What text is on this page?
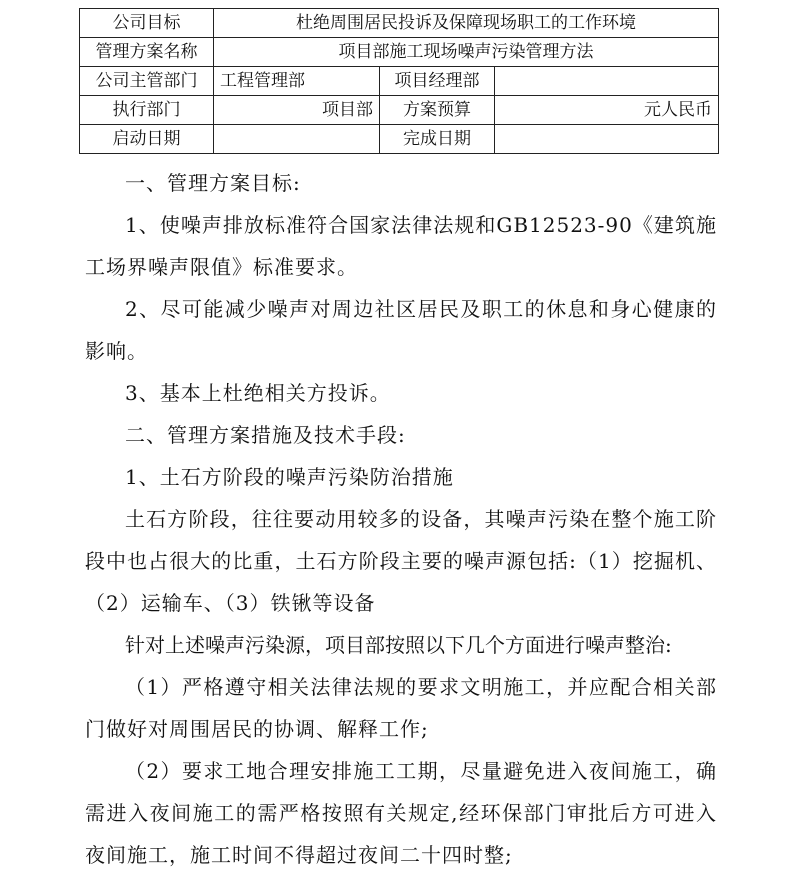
公司目标	杜绝周围居民投诉及保障现场职工的工作环境		
管理方案名称	项目部施工现场噪声污染管理方法		
公司主管部门	工程管理部	项目经理部	
执行部门	项目部	方案预算	元人民币
启动日期		完成日期	

一、管理方案目标:

1、使噪声排放标准符合国家法律法规和GB12523-90《建筑施工场界噪声限值》标准要求。

2、尽可能减少噪声对周边社区居民及职工的休息和身心健康的影响。

3、基本上杜绝相关方投诉。

二、管理方案措施及技术手段:

1、土石方阶段的噪声污染防治措施

土石方阶段，往往要动用较多的设备，其噪声污染在整个施工阶段中也占很大的比重，土石方阶段主要的噪声源包括:（1）挖掘机、（2）运输车、（3）铁锹等设备

针对上述噪声污染源，项目部按照以下几个方面进行噪声整治:

（1）严格遵守相关法律法规的要求文明施工，并应配合相关部门做好对周围居民的协调、解释工作;

（2）要求工地合理安排施工工期，尽量避免进入夜间施工，确需进入夜间施工的需严格按照有关规定,经环保部门审批后方可进入夜间施工，施工时间不得超过夜间二十四时整;
